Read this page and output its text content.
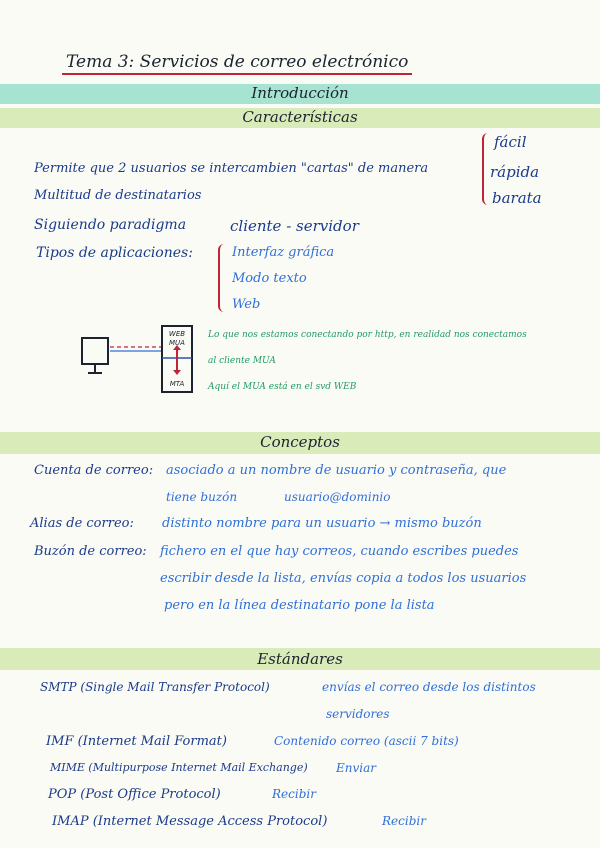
Tema 3: Servicios de correo electrónico
Introducción
Características
Permite que 2 usuarios se intercambien "cartas" de manera
Multitud de destinatarios
fácil
rápida
barata
Siguiendo paradigma	cliente - servidor
Tipos de aplicaciones:	Interfaz gráfica
Modo texto
Web
WEB
MUA
MTA
Lo que nos estamos conectando por http, en realidad nos conectamos
al cliente MUA
Aquí el MUA está en el svd WEB
Conceptos
Cuenta de correo: asociado a un nombre de usuario y contraseña, que
tiene buzón	usuario@dominio
Alias de correo: distinto nombre para un usuario → mismo buzón
Buzón de correo: fichero en el que hay correos, cuando escribes puedes
escribir desde la lista, envías copia a todos los usuarios
pero en la línea destinatario pone la lista
Estándares
SMTP (Single Mail Transfer Protocol)	envías el correo desde los distintos
servidores
IMF (Internet Mail Format)	Contenido correo (ascii 7 bits)
MIME (Multipurpose Internet Mail Exchange) Enviar
POP (Post Office Protocol)	Recibir
IMAP (Internet Message Access Protocol)	Recibir
